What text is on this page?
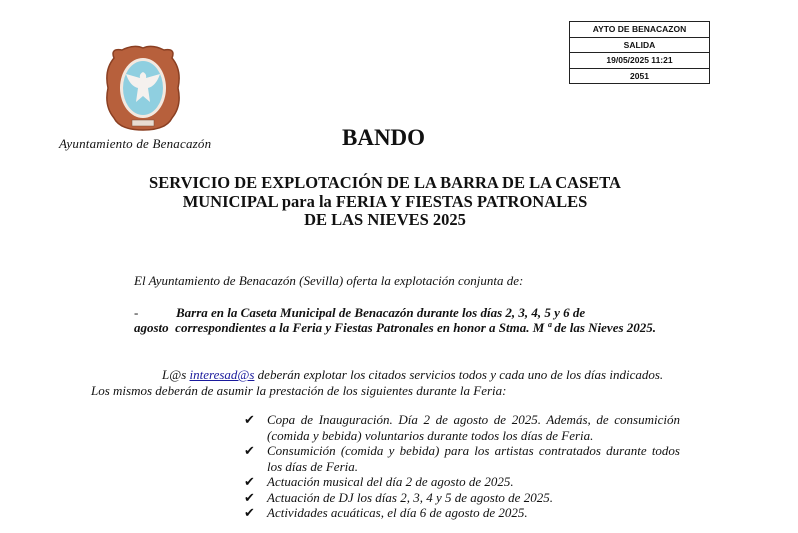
AYTO DE BENACAZON
SALIDA
19/05/2025 11:21
2051
Ayuntamiento de Benacazón	BANDO
SERVICIO DE EXPLOTACIÓN DE LA BARRA DE LA CASETA
MUNICIPAL para la FERIA Y FIESTAS PATRONALES
DE LAS NIEVES 2025
El Ayuntamiento de Benacazón (Sevilla) oferta la explotación conjunta de:
-	Barra en la Caseta Municipal de Benacazón durante los días 2, 3, 4, 5 y 6 de
agosto correspondientes a la Feria y Fiestas Patronales en honor a Stma. M ª de las Nieves 2025.
L@s interesad@s deberán explotar los citados servicios todos y cada uno de los días indicados. Los mismos deberán de asumir la prestación de los siguientes durante la Feria:
✔ Copa de Inauguración. Día 2 de agosto de 2025. Además, de consumición (comida y bebida) voluntarios durante todos los días de Feria.
✔ Consumición (comida y bebida) para los artistas contratados durante todos los días de Feria.
✔ Actuación musical del día 2 de agosto de 2025.
✔ Actuación de DJ los días 2, 3, 4 y 5 de agosto de 2025.
✔ Actividades acuáticas, el día 6 de agosto de 2025.
